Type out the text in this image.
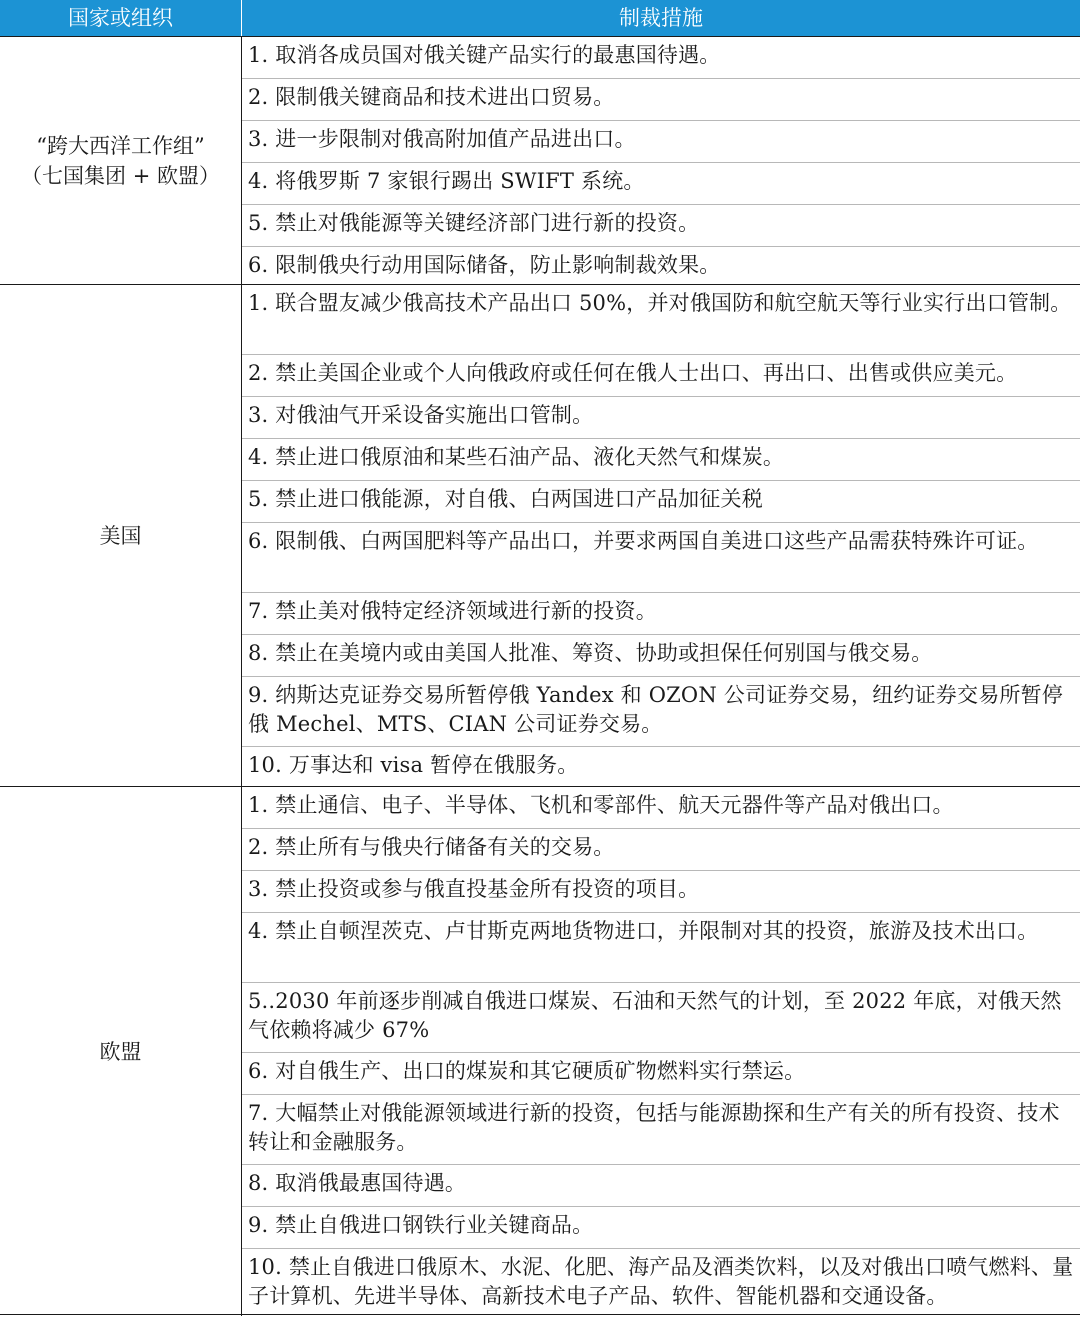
国家或组织	制裁措施
“跨大西洋工作组”
（七国集团 + 欧盟）
1. 取消各成员国对俄关键产品实行的最惠国待遇。
2. 限制俄关键商品和技术进出口贸易。
3. 进一步限制对俄高附加值产品进出口。
4. 将俄罗斯 7 家银行踢出 SWIFT 系统。
5. 禁止对俄能源等关键经济部门进行新的投资。
6. 限制俄央行动用国际储备，防止影响制裁效果。
美国
1. 联合盟友减少俄高技术产品出口 50%，并对俄国防和航空航天等行业实行出口管制。
2. 禁止美国企业或个人向俄政府或任何在俄人士出口、再出口、出售或供应美元。
3. 对俄油气开采设备实施出口管制。
4. 禁止进口俄原油和某些石油产品、液化天然气和煤炭。
5. 禁止进口俄能源，对自俄、白两国进口产品加征关税
6. 限制俄、白两国肥料等产品出口，并要求两国自美进口这些产品需获特殊许可证。
7. 禁止美对俄特定经济领域进行新的投资。
8. 禁止在美境内或由美国人批准、筹资、协助或担保任何别国与俄交易。
9. 纳斯达克证券交易所暂停俄 Yandex 和 OZON 公司证券交易，纽约证券交易所暂停俄 Mechel、MTS、CIAN 公司证券交易。
10. 万事达和 visa 暂停在俄服务。
欧盟
1. 禁止通信、电子、半导体、飞机和零部件、航天元器件等产品对俄出口。
2. 禁止所有与俄央行储备有关的交易。
3. 禁止投资或参与俄直投基金所有投资的项目。
4. 禁止自顿涅茨克、卢甘斯克两地货物进口，并限制对其的投资，旅游及技术出口。
5..2030 年前逐步削减自俄进口煤炭、石油和天然气的计划，至 2022 年底，对俄天然气依赖将减少 67%
6. 对自俄生产、出口的煤炭和其它硬质矿物燃料实行禁运。
7. 大幅禁止对俄能源领域进行新的投资，包括与能源勘探和生产有关的所有投资、技术转让和金融服务。
8. 取消俄最惠国待遇。
9. 禁止自俄进口钢铁行业关键商品。
10. 禁止自俄进口俄原木、水泥、化肥、海产品及酒类饮料，以及对俄出口喷气燃料、量子计算机、先进半导体、高新技术电子产品、软件、智能机器和交通设备。
